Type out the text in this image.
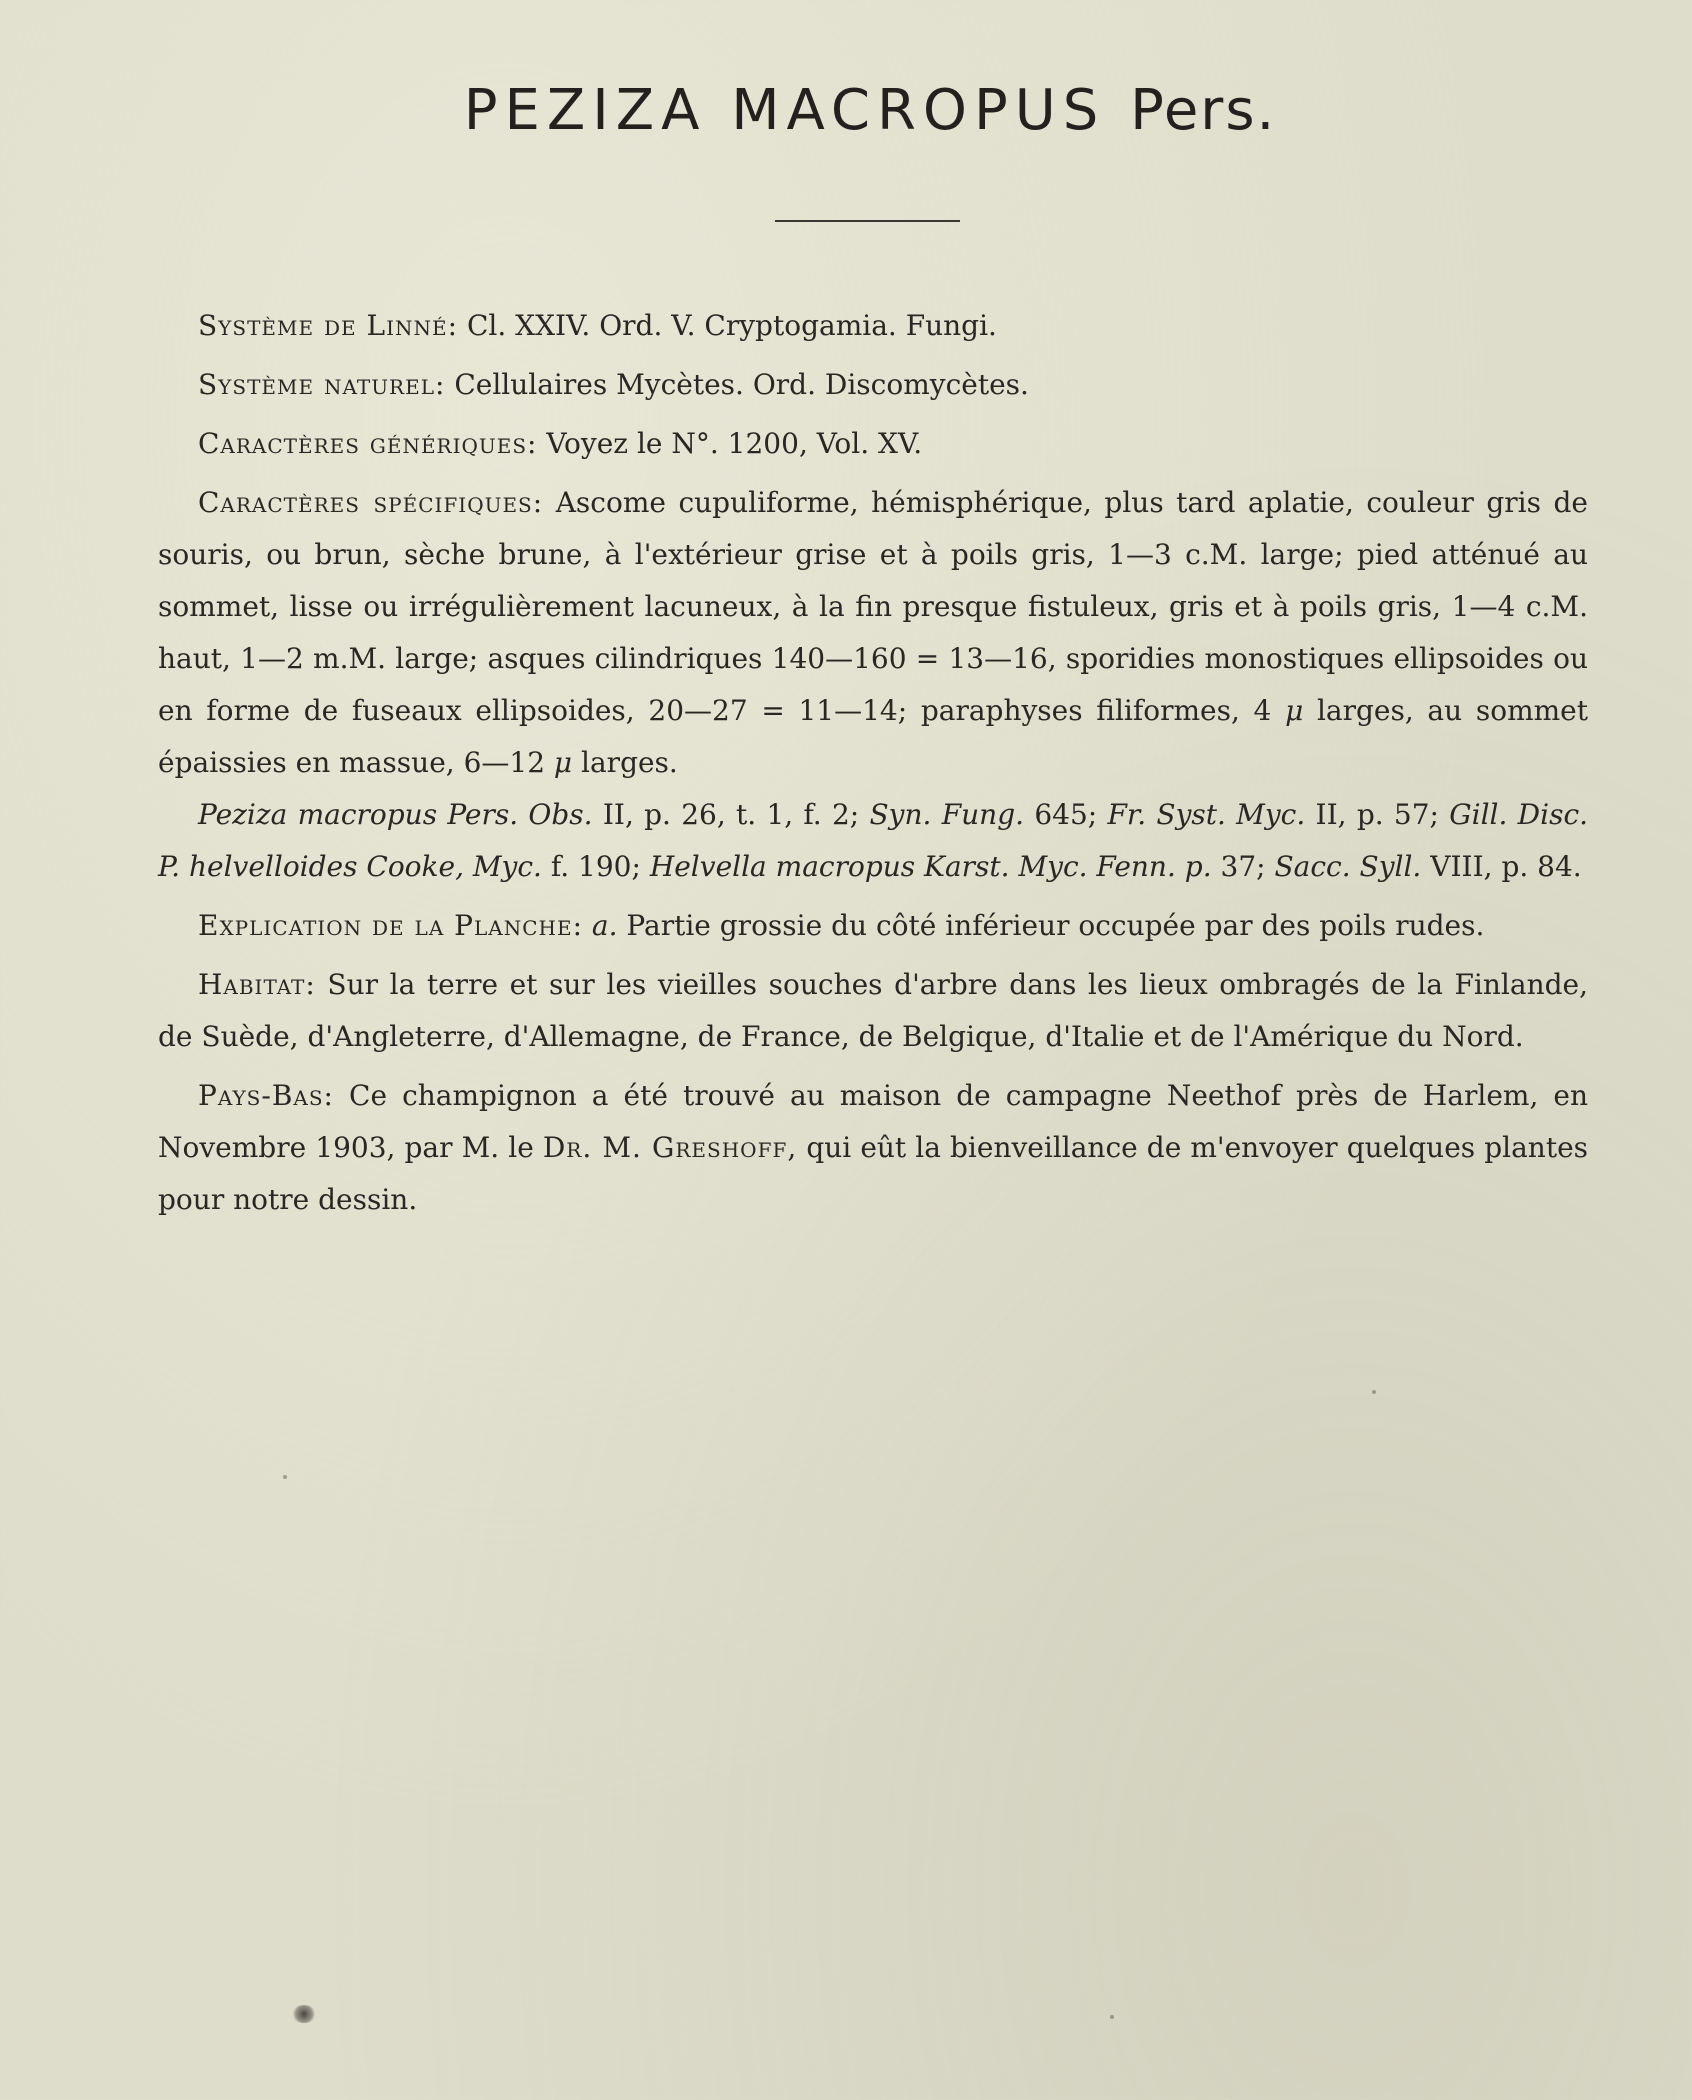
PEZIZA MACROPUS Pers.

Système de Linné: Cl. XXIV. Ord. V. Cryptogamia. Fungi.

Système naturel: Cellulaires Mycètes. Ord. Discomycètes.

Caractères génériques: Voyez le N°. 1200, Vol. XV.

Caractères spécifiques: Ascome cupuliforme, hémisphérique, plus tard aplatie, couleur gris de souris, ou brun, sèche brune, à l'extérieur grise et à poils gris, 1—3 c.M. large; pied atténué au sommet, lisse ou irrégulièrement lacuneux, à la fin presque fistuleux, gris et à poils gris, 1—4 c.M. haut, 1—2 m.M. large; asques cilindriques 140—160 = 13—16, sporidies monostiques ellipsoides ou en forme de fuseaux ellipsoides, 20—27 = 11—14; paraphyses filiformes, 4 μ larges, au sommet épaissies en massue, 6—12 μ larges.

Peziza macropus Pers. Obs. II, p. 26, t. 1, f. 2; Syn. Fung. 645; Fr. Syst. Myc. II, p. 57; Gill. Disc. P. helvelloides Cooke, Myc. f. 190; Helvella macropus Karst. Myc. Fenn. p. 37; Sacc. Syll. VIII, p. 84.

Explication de la Planche: a. Partie grossie du côté inférieur occupée par des poils rudes.

Habitat: Sur la terre et sur les vieilles souches d'arbre dans les lieux ombragés de la Finlande, de Suède, d'Angleterre, d'Allemagne, de France, de Belgique, d'Italie et de l'Amérique du Nord.

Pays-Bas: Ce champignon a été trouvé au maison de campagne Neethof près de Harlem, en Novembre 1903, par M. le Dr. M. Greshoff, qui eût la bienveillance de m'envoyer quelques plantes pour notre dessin.
